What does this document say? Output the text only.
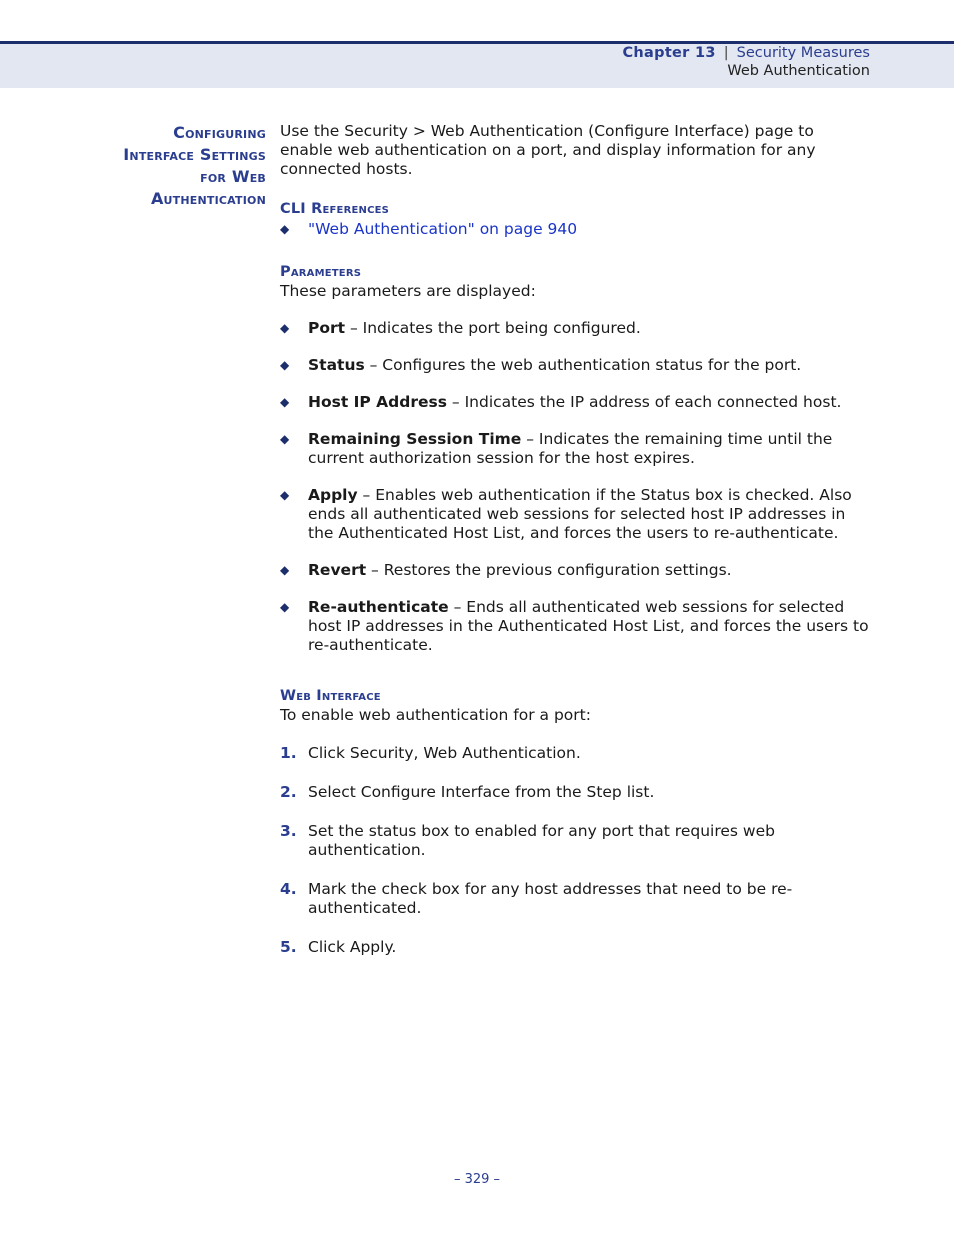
Chapter 13 | Security Measures
Web Authentication
Configuring
Interface Settings
for Web
Authentication

Use the Security > Web Authentication (Configure Interface) page to enable web authentication on a port, and display information for any connected hosts.

CLI References
◆	"Web Authentication" on page 940
Parameters

These parameters are displayed:

◆	Port – Indicates the port being configured.
◆	Status – Configures the web authentication status for the port.
◆	Host IP Address – Indicates the IP address of each connected host.
◆	Remaining Session Time – Indicates the remaining time until the current authorization session for the host expires.
◆	Apply – Enables web authentication if the Status box is checked. Also ends all authenticated web sessions for selected host IP addresses in the Authenticated Host List, and forces the users to re-authenticate.
◆	Revert – Restores the previous configuration settings.
◆	Re-authenticate – Ends all authenticated web sessions for selected host IP addresses in the Authenticated Host List, and forces the users to re-authenticate.
Web Interface

To enable web authentication for a port:

1. Click Security, Web Authentication.
2. Select Configure Interface from the Step list.
3. Set the status box to enabled for any port that requires web authentication.
4. Mark the check box for any host addresses that need to be re-authenticated.
5. Click Apply.
– 329 –
